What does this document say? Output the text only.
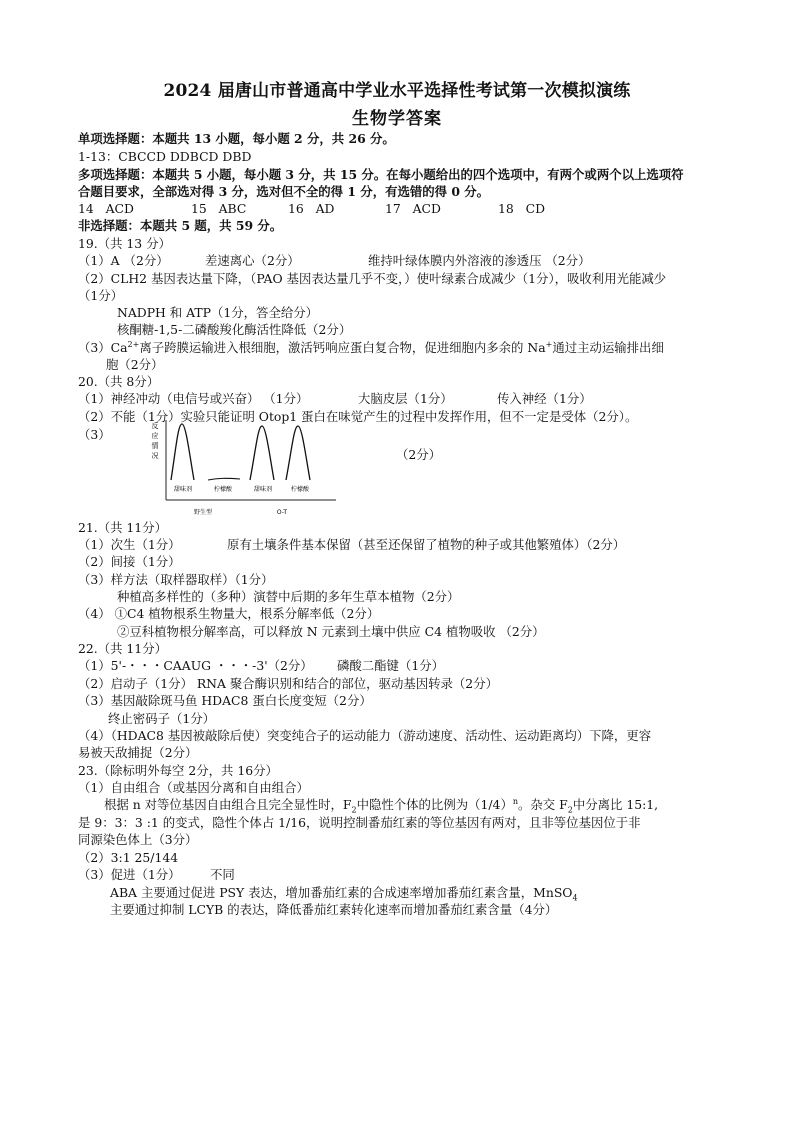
2024 届唐山市普通高中学业水平选择性考试第一次模拟演练
生物学答案
单项选择题：本题共 13 小题，每小题 2 分，共 26 分。
1-13：CBCCD DDBCD DBD
多项选择题：本题共 5 小题，每小题 3 分，共 15 分。在每小题给出的四个选项中，有两个或两个以上选项符
合题目要求，全部选对得 3 分，选对但不全的得 1 分，有选错的得 0 分。
14 ACD	15 ABC	16 AD	17 ACD	18 CD
非选择题：本题共 5 题，共 59 分。
19.（共 13 分）
（1）A （2分）	差速离心（2分）	维持叶绿体膜内外溶液的渗透压 （2分）
（2）CLH2 基因表达量下降，（PAO 基因表达量几乎不变，）使叶绿素合成减少（1分），吸收利用光能减少
（1分）
NADPH 和 ATP（1分，答全给分）
核酮糖-1,5-二磷酸羧化酶活性降低（2分）
$(3)Ca^{2+}$离子跨膜运输进入根细胞，激活钙响应蛋白复合物，促进细胞内多余的 Na+通过主动运输排出细
胞（2分）
20.（共 8分）
（1）神经冲动（电信号或兴奋） （1分）	大脑皮层（1分）	传入神经（1分）
（2）不能（1分）实验只能证明 Otop1 蛋白在味觉产生的过程中发挥作用，但不一定是受体（2分）。
（3）
（2分）
反
应
情
况
甜味剂	柠檬酸	甜味剂	柠檬酸
野生型	O-T
21.（共 11分）
（1）次生（1分）	原有土壤条件基本保留（甚至还保留了植物的种子或其他繁殖体）（2分）
（2）间接（1分）
（3）样方法（取样器取样）（1分）
种植高多样性的（多种）演替中后期的多年生草本植物（2分）
（4） ①C4 植物根系生物量大，根系分解率低（2分）
②豆科植物根分解率高，可以释放 N 元素到土壤中供应 C4 植物吸收 （2分）
22.（共 11分）
（1）5'-・・・CAAUG ・・・-3'（2分） 磷酸二酯键（1分）
（2）启动子（1分） RNA 聚合酶识别和结合的部位，驱动基因转录（2分）
（3）基因敲除斑马鱼 HDAC8 蛋白长度变短（2分）
终止密码子（1分）
（4）（HDAC8 基因被敲除后使）突变纯合子的运动能力（游动速度、活动性、运动距离均）下降，更容
易被天敌捕捉（2分）
23.（除标明外每空 2分，共 16分）
（1）自由组合（或基因分离和自由组合）
根据 n 对等位基因自由组合且完全显性时，$F_2$中隐性个体的比例为$(1/4)^n$。杂交 $F_2$中分离比 15:1,
是 9：3：3 :1 的变式，隐性个体占 1/16，说明控制番茄红素的等位基因有两对，且非等位基因位于非
同源染色体上（3分）
（2）3:1 25/144
（3）促进（1分） 不同
ABA 主要通过促进 PSY 表达，增加番茄红素的合成速率增加番茄红素含量，MnSO$_4$
主要通过抑制 LCYB 的表达，降低番茄红素转化速率而增加番茄红素含量（4分）
